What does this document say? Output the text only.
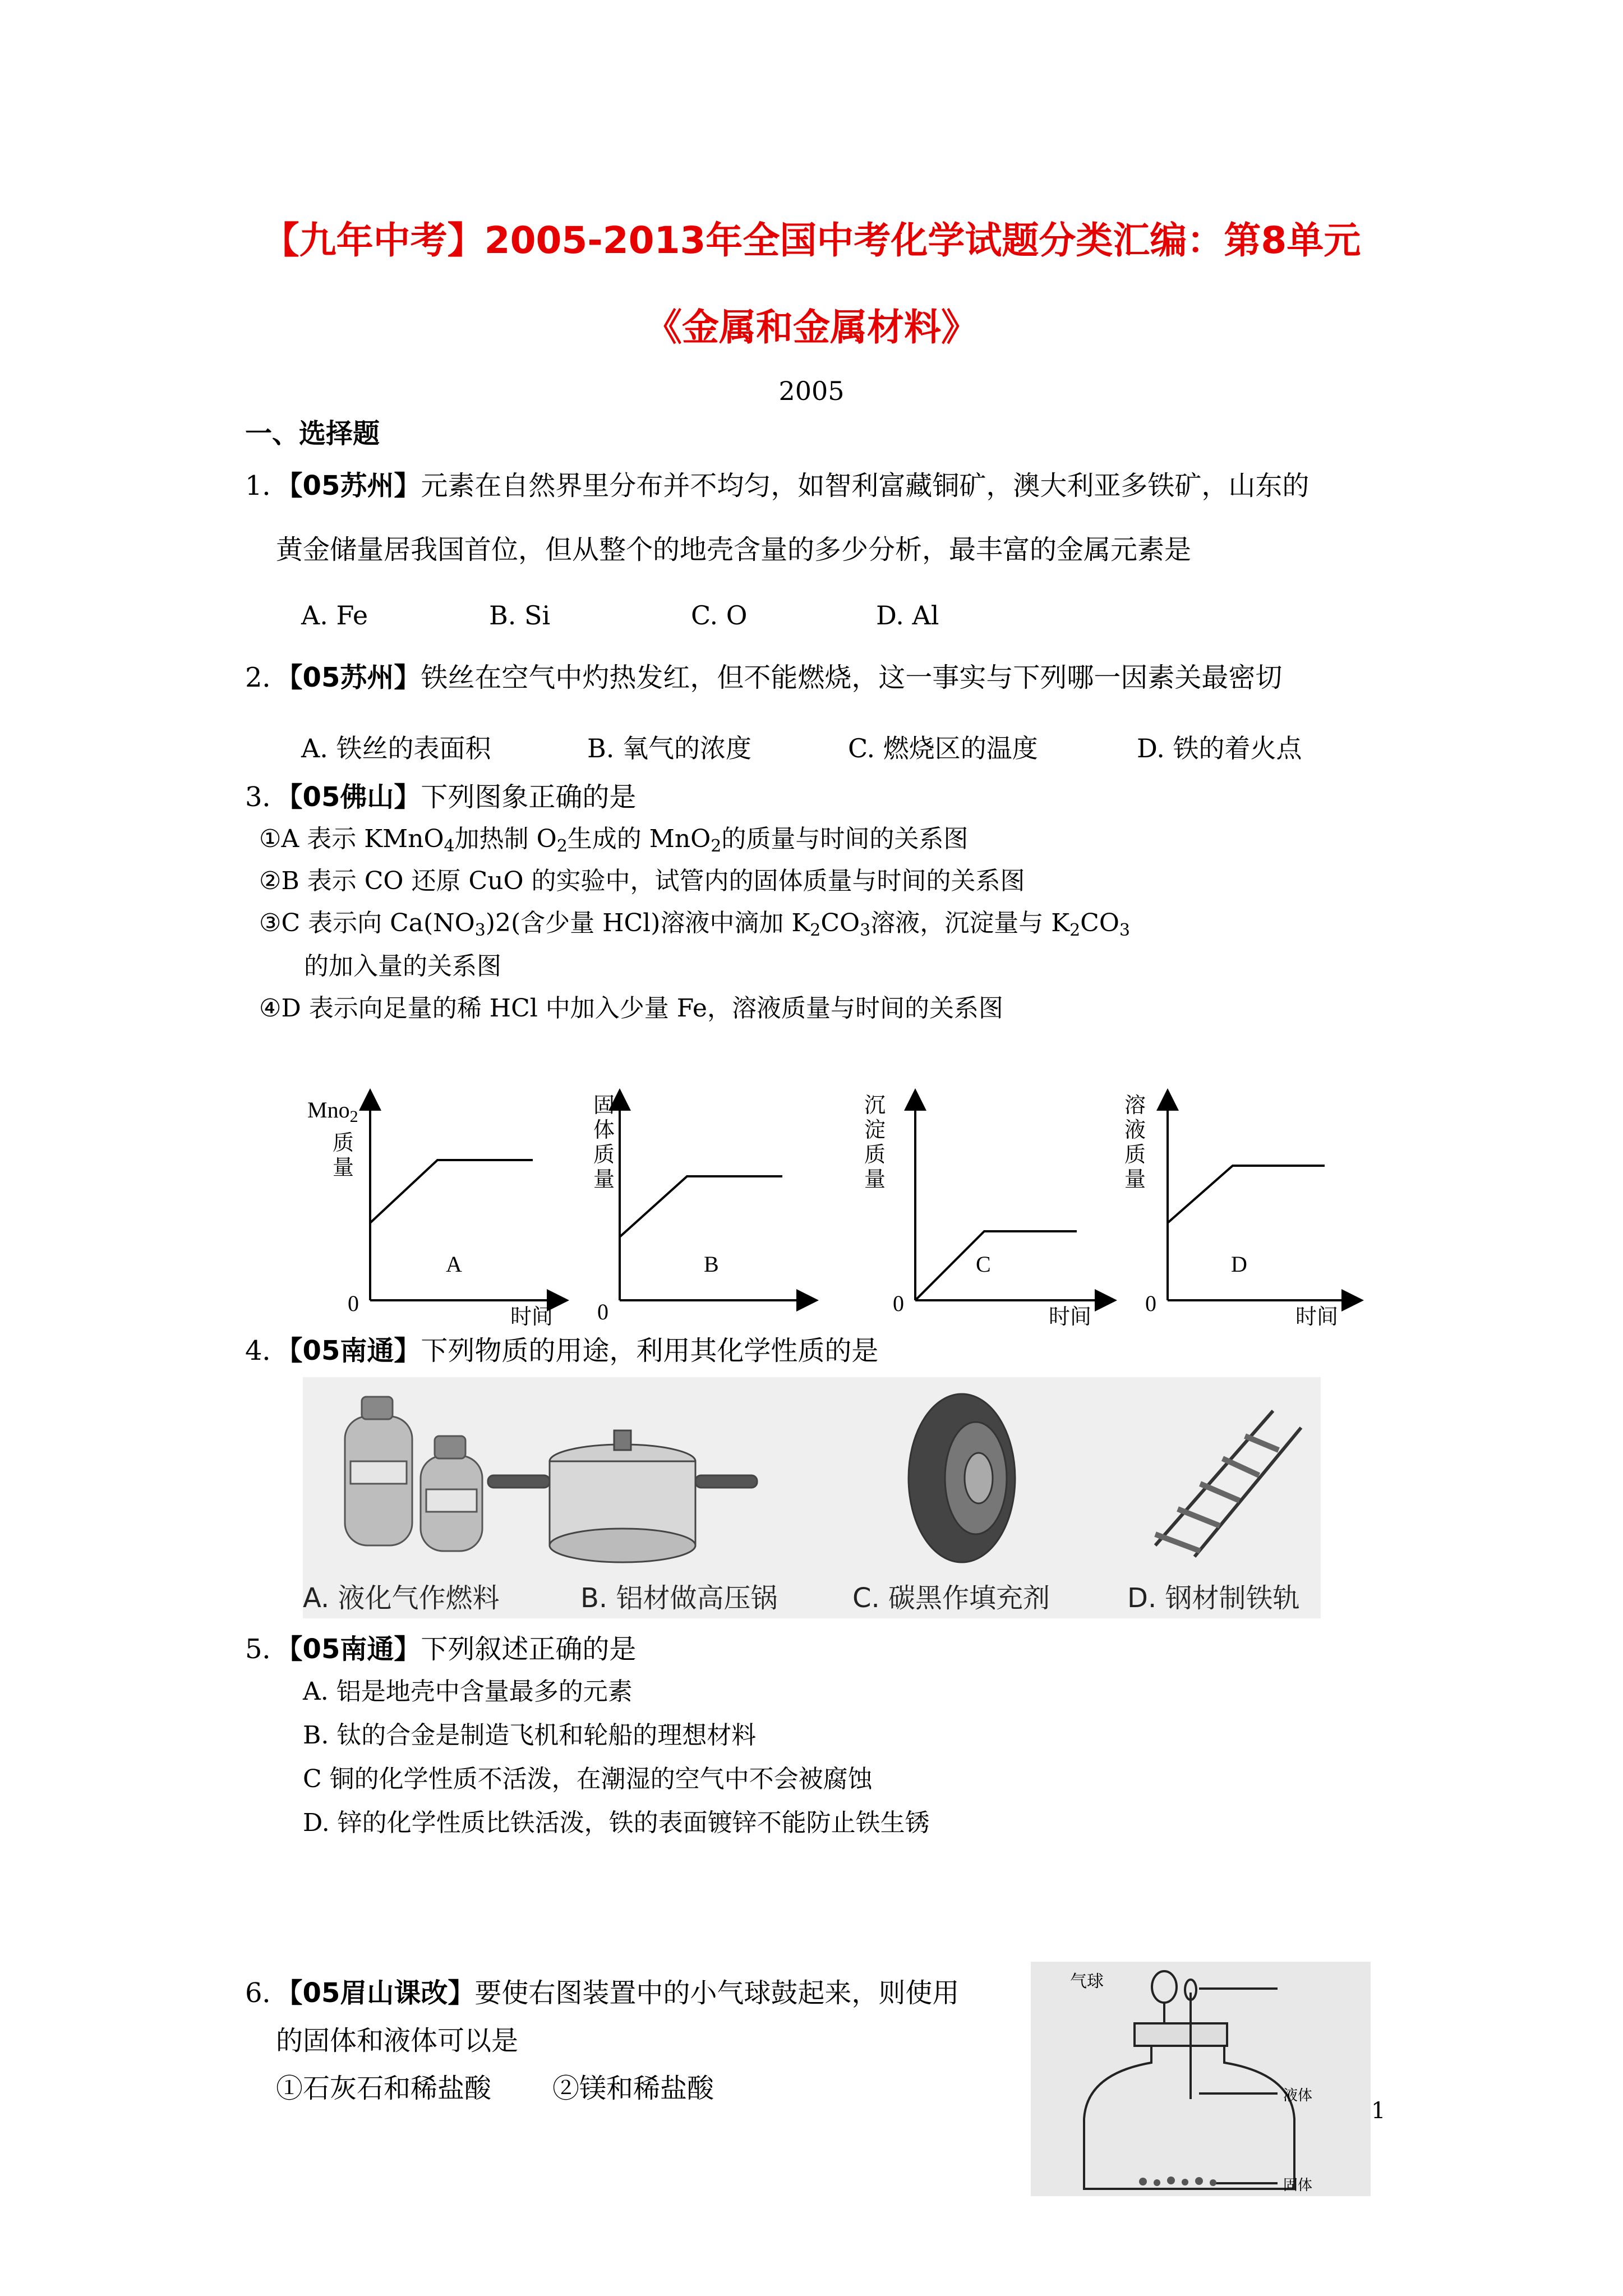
【九年中考】2005-2013年全国中考化学试题分类汇编：第8单元
《金属和金属材料》
2005
一、选择题
1．【05苏州】元素在自然界里分布并不均匀，如智利富藏铜矿，澳大利亚多铁矿，山东的
黄金储量居我国首位，但从整个的地壳含量的多少分析，最丰富的金属元素是
A. Fe	B. Si	C. O	D. Al
2．【05苏州】铁丝在空气中灼热发红，但不能燃烧，这一事实与下列哪一因素关最密切
A. 铁丝的表面积	B. 氧气的浓度	C. 燃烧区的温度	D. 铁的着火点
3．【05佛山】下列图象正确的是
①A 表示 KMnO$_4$加热制 $O_2$生成的 MnO$_2$的质量与时间的关系图
②B 表示 CO 还原 CuO 的实验中，试管内的固体质量与时间的关系图
③C 表示向 $Ca(NO_3)2$(含少量 HCl)溶液中滴加 $K_2CO_3$溶液，沉淀量与 $K_2CO_3$
的加入量的关系图
④D 表示向足量的稀 HCl 中加入少量 Fe，溶液质量与时间的关系图
Mno$_2$
质量
0
A
时间
固体质量
0
B
沉淀质量
0
C
时间
溶液质量
0
D
时间
4．【05南通】下列物质的用途，利用其化学性质的是
A. 液化气作燃料	B. 铝材做高压锅	C. 碳黑作填充剂	D. 钢材制铁轨
5．【05南通】下列叙述正确的是
A. 铝是地壳中含量最多的元素
B. 钛的合金是制造飞机和轮船的理想材料
C 铜的化学性质不活泼，在潮湿的空气中不会被腐蚀
D. 锌的化学性质比铁活泼，铁的表面镀锌不能防止铁生锈
6．【05眉山课改】要使右图装置中的小气球鼓起来，则使用
的固体和液体可以是
①石灰石和稀盐酸 ②镁和稀盐酸
气球
液体
固体
1
